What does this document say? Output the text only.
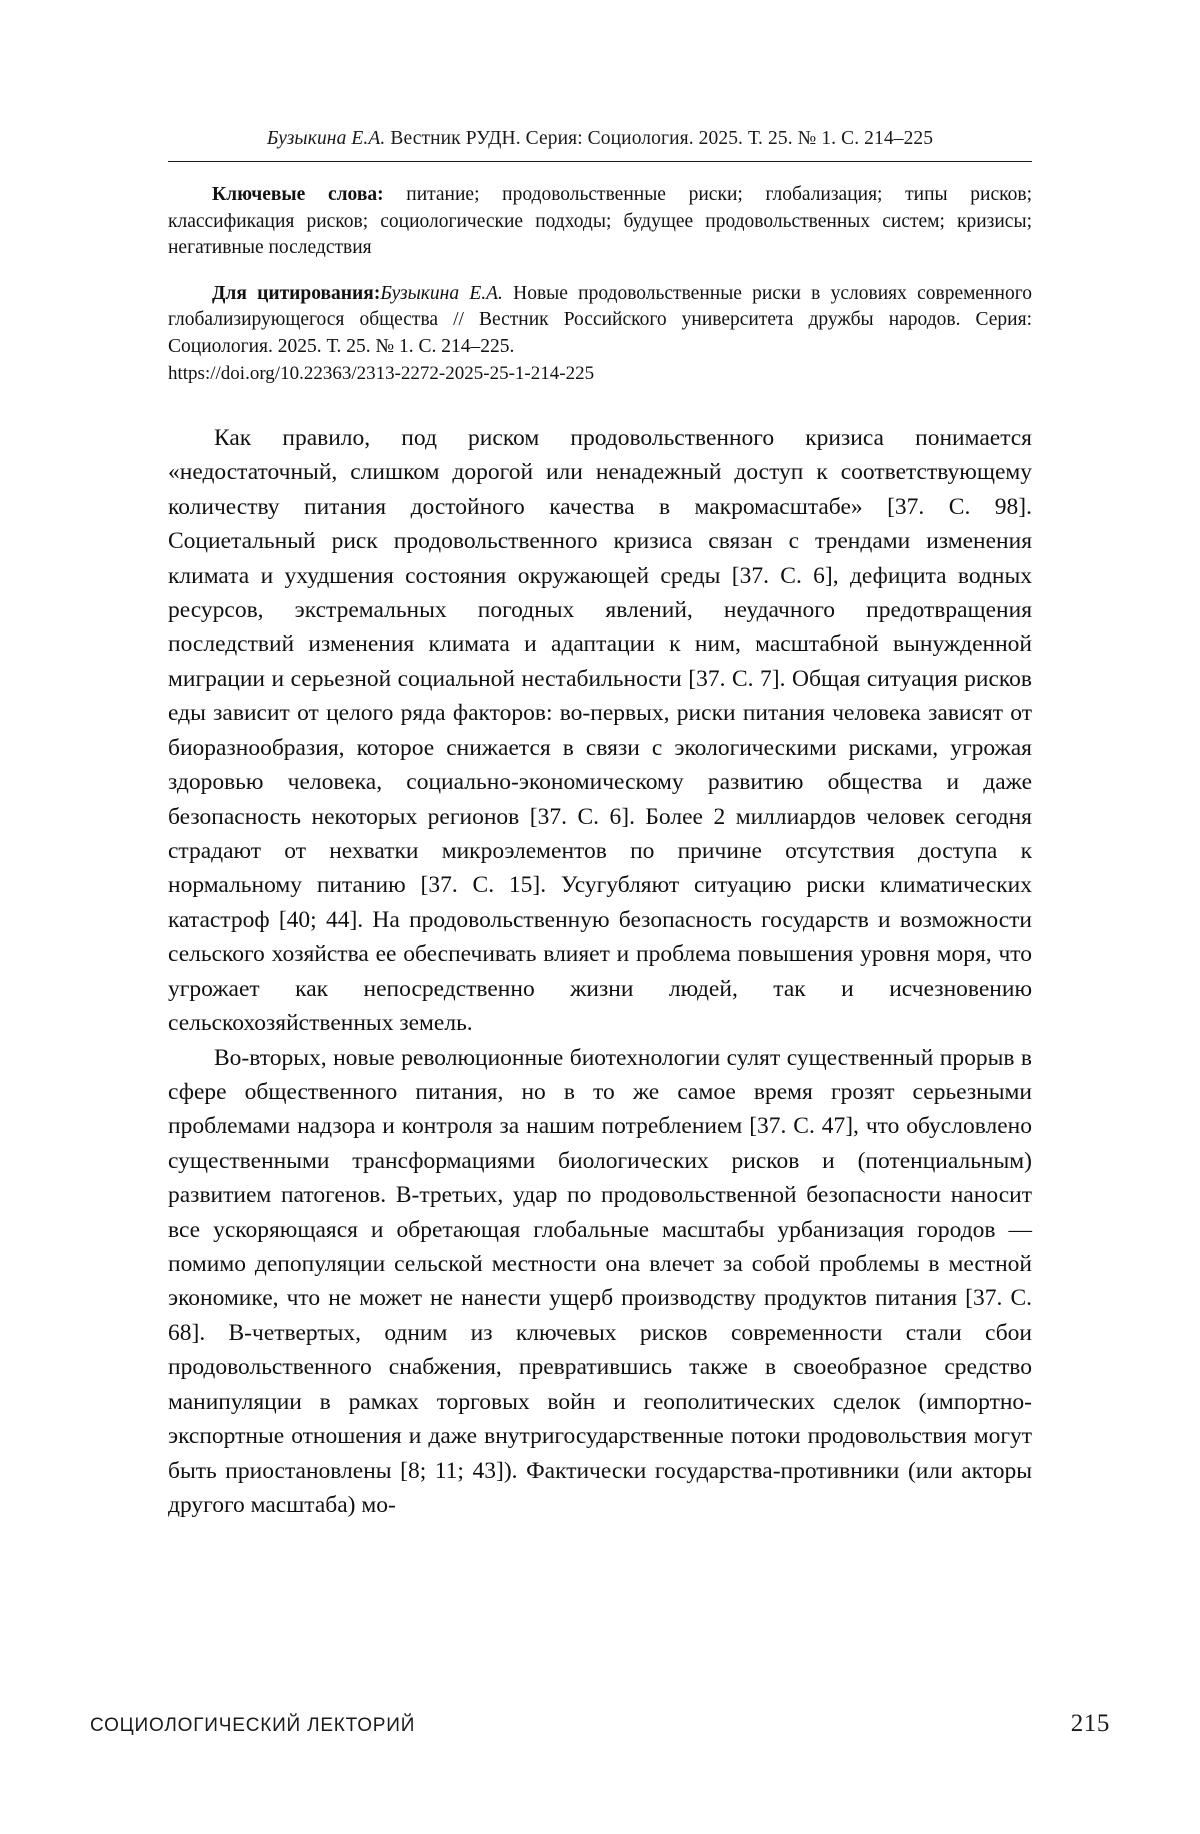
Бузыкина Е.А. Вестник РУДН. Серия: Социология. 2025. Т. 25. № 1. С. 214–225
Ключевые слова: питание; продовольственные риски; глобализация; типы рисков; классификация рисков; социологические подходы; будущее продовольственных систем; кризисы; негативные последствия
Для цитирования:Бузыкина Е.А. Новые продовольственные риски в условиях современного глобализирующегося общества // Вестник Российского университета дружбы народов. Серия: Социология. 2025. Т. 25. № 1. С. 214–225.
https://doi.org/10.22363/2313-2272-2025-25-1-214-225

Как правило, под риском продовольственного кризиса понимается «недостаточный, слишком дорогой или ненадежный доступ к соответствующему количеству питания достойного качества в макромасштабе» [37. С. 98]. Социетальный риск продовольственного кризиса связан с трендами изменения климата и ухудшения состояния окружающей среды [37. С. 6], дефицита водных ресурсов, экстремальных погодных явлений, неудачного предотвращения последствий изменения климата и адаптации к ним, масштабной вынужденной миграции и серьезной социальной нестабильности [37. С. 7]. Общая ситуация рисков еды зависит от целого ряда факторов: во-первых, риски питания человека зависят от биоразнообразия, которое снижается в связи с экологическими рисками, угрожая здоровью человека, социально-экономическому развитию общества и даже безопасность некоторых регионов [37. С. 6]. Более 2 миллиардов человек сегодня страдают от нехватки микроэлементов по причине отсутствия доступа к нормальному питанию [37. С. 15]. Усугубляют ситуацию риски климатических катастроф [40; 44]. На продовольственную безопасность государств и возможности сельского хозяйства ее обеспечивать влияет и проблема повышения уровня моря, что угрожает как непосредственно жизни людей, так и исчезновению сельскохозяйственных земель.

Во-вторых, новые революционные биотехнологии сулят существенный прорыв в сфере общественного питания, но в то же самое время грозят серьезными проблемами надзора и контроля за нашим потреблением [37. С. 47], что обусловлено существенными трансформациями биологических рисков и (потенциальным) развитием патогенов. В-третьих, удар по продовольственной безопасности наносит все ускоряющаяся и обретающая глобальные масштабы урбанизация городов — помимо депопуляции сельской местности она влечет за собой проблемы в местной экономике, что не может не нанести ущерб производству продуктов питания [37. С. 68]. В-четвертых, одним из ключевых рисков современности стали сбои продовольственного снабжения, превратившись также в своеобразное средство манипуляции в рамках торговых войн и геополитических сделок (импортно-экспортные отношения и даже внутригосударственные потоки продовольствия могут быть приостановлены [8; 11; 43]). Фактически государства-противники (или акторы другого масштаба) мо-

СОЦИОЛОГИЧЕСКИЙ ЛЕКТОРИЙ	215
